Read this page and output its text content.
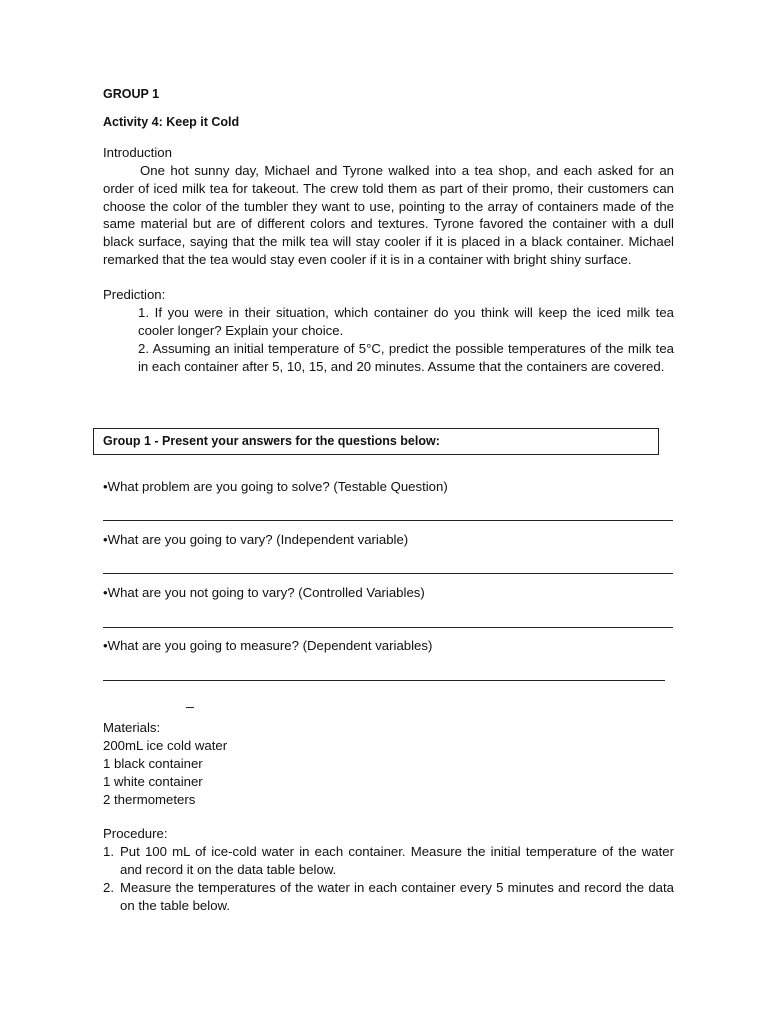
GROUP 1
Activity 4: Keep it Cold
Introduction

One hot sunny day, Michael and Tyrone walked into a tea shop, and each asked for an order of iced milk tea for takeout. The crew told them as part of their promo, their customers can choose the color of the tumbler they want to use, pointing to the array of containers made of the same material but are of different colors and textures. Tyrone favored the container with a dull black surface, saying that the milk tea will stay cooler if it is placed in a black container. Michael remarked that the tea would stay even cooler if it is in a container with bright shiny surface.

Prediction:
1. If you were in their situation, which container do you think will keep the iced milk tea cooler longer? Explain your choice.
2. Assuming an initial temperature of 5°C, predict the possible temperatures of the milk tea in each container after 5, 10, 15, and 20 minutes. Assume that the containers are covered.
Group 1 - Present your answers for the questions below:
•What problem are you going to solve? (Testable Question)
•What are you going to vary? (Independent variable)
•What are you not going to vary? (Controlled Variables)
•What are you going to measure? (Dependent variables)
Materials:
200mL ice cold water
1 black container
1 white container
2 thermometers
Procedure:
1. Put 100 mL of ice-cold water in each container. Measure the initial temperature of the water and record it on the data table below.
2. Measure the temperatures of the water in each container every 5 minutes and record the data on the table below.
